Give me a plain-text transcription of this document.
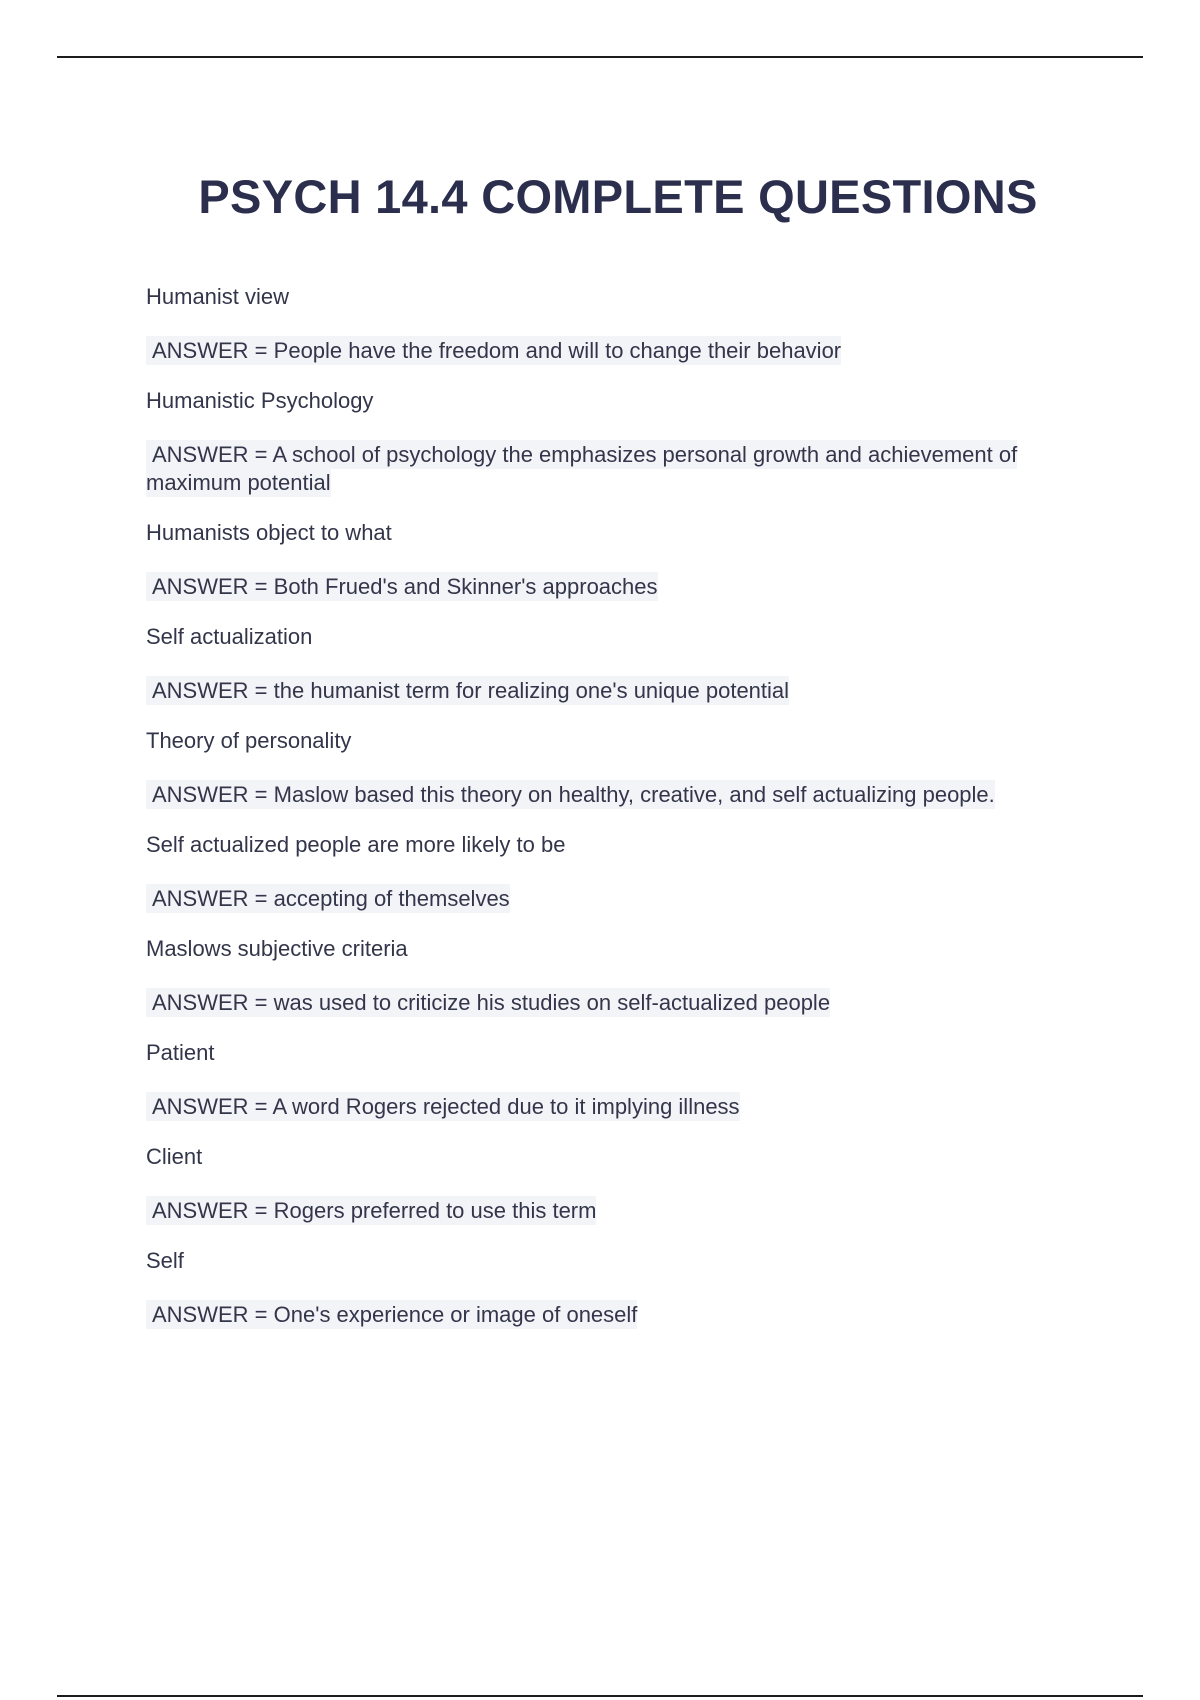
PSYCH 14.4 COMPLETE QUESTIONS
Humanist view
ANSWER = People have the freedom and will to change their behavior
Humanistic Psychology
ANSWER = A school of psychology the emphasizes personal growth and achievement of maximum potential
Humanists object to what
ANSWER = Both Frued's and Skinner's approaches
Self actualization
ANSWER = the humanist term for realizing one's unique potential
Theory of personality
ANSWER = Maslow based this theory on healthy, creative, and self actualizing people.
Self actualized people are more likely to be
ANSWER = accepting of themselves
Maslows subjective criteria
ANSWER = was used to criticize his studies on self-actualized people
Patient
ANSWER = A word Rogers rejected due to it implying illness
Client
ANSWER = Rogers preferred to use this term
Self
ANSWER = One's experience or image of oneself
